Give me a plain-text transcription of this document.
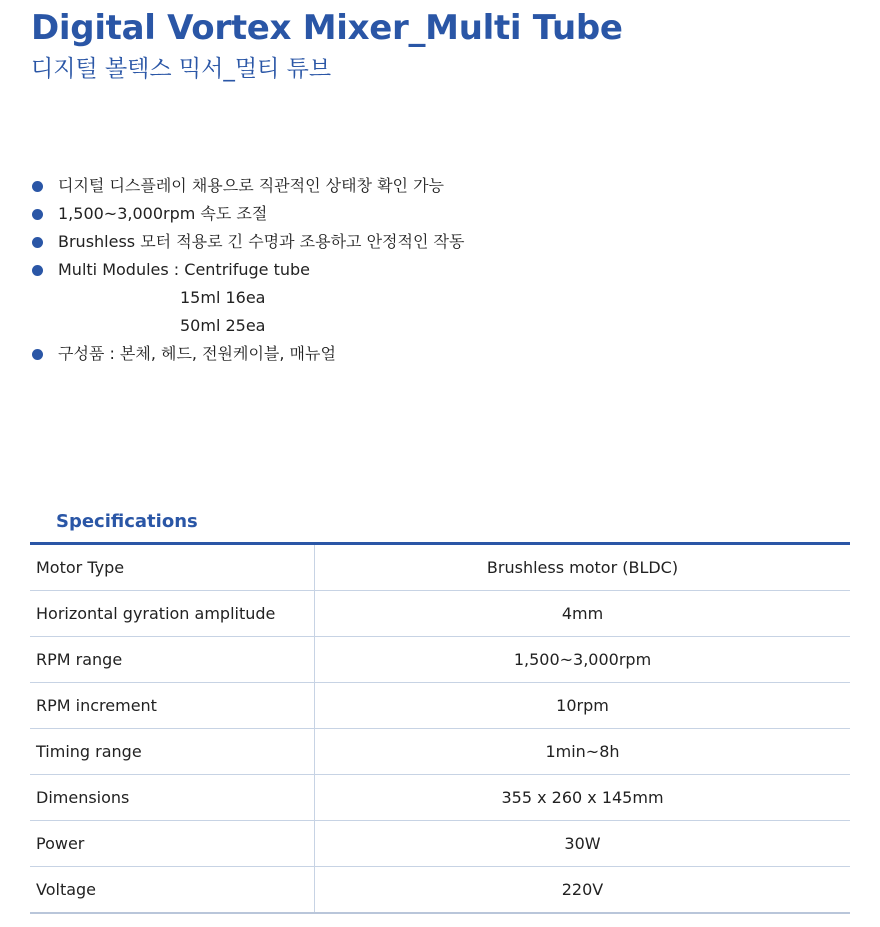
Digital Vortex Mixer_Multi Tube
디지털 볼텍스 믹서_멀티 튜브
디지털 디스플레이 채용으로 직관적인 상태창 확인 가능
1,500~3,000rpm 속도 조절
Brushless 모터 적용로 긴 수명과 조용하고 안정적인 작동
Multi Modules : Centrifuge tube
15ml 16ea
50ml 25ea
구성품 : 본체, 헤드, 전원케이블, 매뉴얼
Specifications
Motor Type	Brushless motor (BLDC)
Horizontal gyration amplitude	4mm
RPM range	1,500~3,000rpm
RPM increment	10rpm
Timing range	1min~8h
Dimensions	355 x 260 x 145mm
Power	30W
Voltage	220V
